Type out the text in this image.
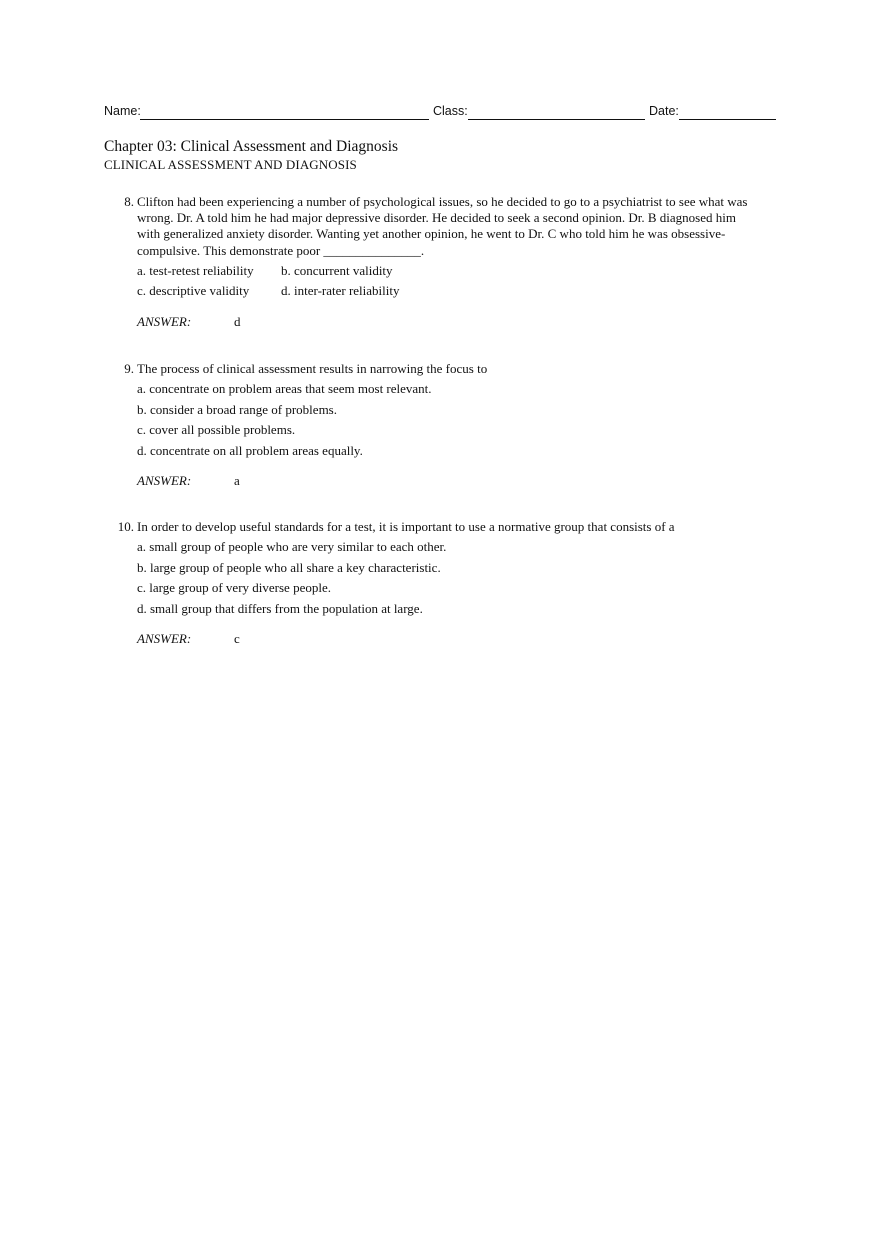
Name:	Class:	Date:
Chapter 03: Clinical Assessment and Diagnosis
CLINICAL ASSESSMENT AND DIAGNOSIS
8. Clifton had been experiencing a number of psychological issues, so he decided to go to a psychiatrist to see what was wrong. Dr. A told him he had major depressive disorder. He decided to seek a second opinion. Dr. B diagnosed him with generalized anxiety disorder. Wanting yet another opinion, he went to Dr. C who told him he was obsessive-compulsive. This demonstrate poor _______________.
a. test-retest reliability	b. concurrent validity
c. descriptive validity	d. inter-rater reliability
ANSWER:	d
9. The process of clinical assessment results in narrowing the focus to
a. concentrate on problem areas that seem most relevant.
b. consider a broad range of problems.
c. cover all possible problems.
d. concentrate on all problem areas equally.
ANSWER:	a
10. In order to develop useful standards for a test, it is important to use a normative group that consists of a
a. small group of people who are very similar to each other.
b. large group of people who all share a key characteristic.
c. large group of very diverse people.
d. small group that differs from the population at large.
ANSWER:	c
